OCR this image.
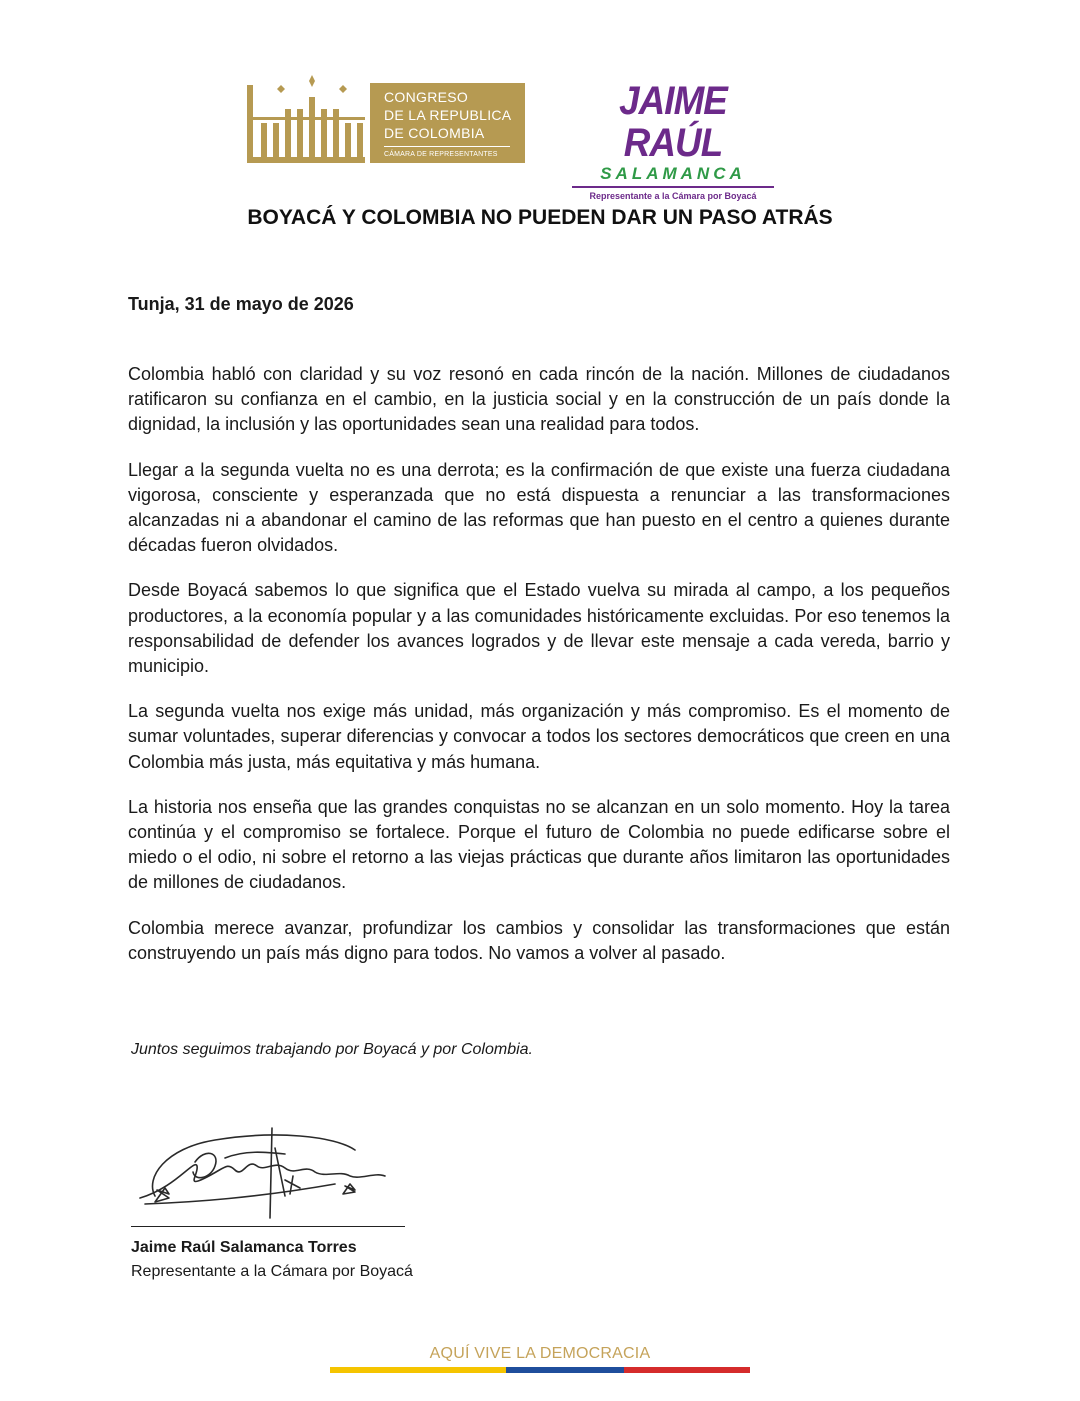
CONGRESO
DE LA REPUBLICA
DE COLOMBIA
CÁMARA DE REPRESENTANTES
JAIME RAÚL
SALAMANCA
Representante a la Cámara por Boyacá
BOYACÁ Y COLOMBIA NO PUEDEN DAR UN PASO ATRÁS
Tunja, 31 de mayo de 2026

Colombia habló con claridad y su voz resonó en cada rincón de la nación. Millones de ciudadanos ratificaron su confianza en el cambio, en la justicia social y en la construcción de un país donde la dignidad, la inclusión y las oportunidades sean una realidad para todos.

Llegar a la segunda vuelta no es una derrota; es la confirmación de que existe una fuerza ciudadana vigorosa, consciente y esperanzada que no está dispuesta a renunciar a las transformaciones alcanzadas ni a abandonar el camino de las reformas que han puesto en el centro a quienes durante décadas fueron olvidados.

Desde Boyacá sabemos lo que significa que el Estado vuelva su mirada al campo, a los pequeños productores, a la economía popular y a las comunidades históricamente excluidas. Por eso tenemos la responsabilidad de defender los avances logrados y de llevar este mensaje a cada vereda, barrio y municipio.

La segunda vuelta nos exige más unidad, más organización y más compromiso. Es el momento de sumar voluntades, superar diferencias y convocar a todos los sectores democráticos que creen en una Colombia más justa, más equitativa y más humana.

La historia nos enseña que las grandes conquistas no se alcanzan en un solo momento. Hoy la tarea continúa y el compromiso se fortalece. Porque el futuro de Colombia no puede edificarse sobre el miedo o el odio, ni sobre el retorno a las viejas prácticas que durante años limitaron las oportunidades de millones de ciudadanos.

Colombia merece avanzar, profundizar los cambios y consolidar las transformaciones que están construyendo un país más digno para todos. No vamos a volver al pasado.

Juntos seguimos trabajando por Boyacá y por Colombia.
Jaime Raúl Salamanca Torres
Representante a la Cámara por Boyacá
AQUÍ VIVE LA DEMOCRACIA
